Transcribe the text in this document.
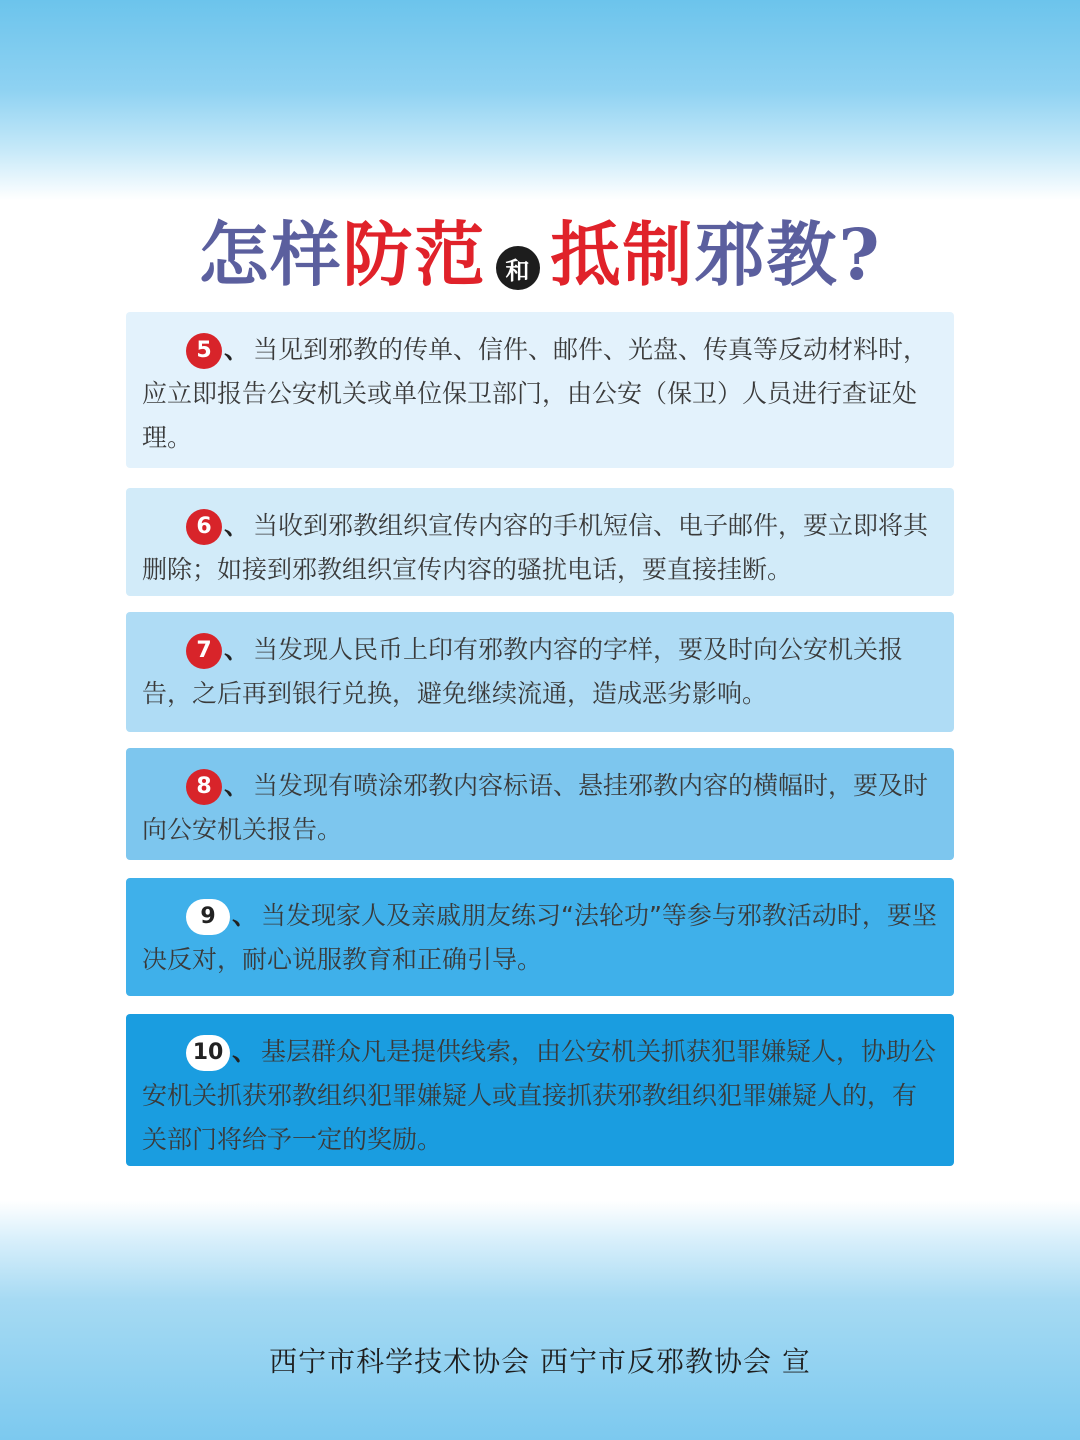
怎样 防范 和 抵制 邪教?
5 、 当见到邪教的传单、信件、邮件、光盘、传真等反动材料时，应立即报告公安机关或单位保卫部门，由公安（保卫）人员进行查证处理。
6 、 当收到邪教组织宣传内容的手机短信、电子邮件，要立即将其删除；如接到邪教组织宣传内容的骚扰电话，要直接挂断。
7 、 当发现人民币上印有邪教内容的字样，要及时向公安机关报告，之后再到银行兑换，避免继续流通，造成恶劣影响。
8 、 当发现有喷涂邪教内容标语、悬挂邪教内容的横幅时，要及时向公安机关报告。
9 、 当发现家人及亲戚朋友练习“法轮功”等参与邪教活动时，要坚决反对，耐心说服教育和正确引导。
10 、 基层群众凡是提供线索，由公安机关抓获犯罪嫌疑人，协助公安机关抓获邪教组织犯罪嫌疑人或直接抓获邪教组织犯罪嫌疑人的，有关部门将给予一定的奖励。
西宁市科学技术协会 西宁市反邪教协会 宣
